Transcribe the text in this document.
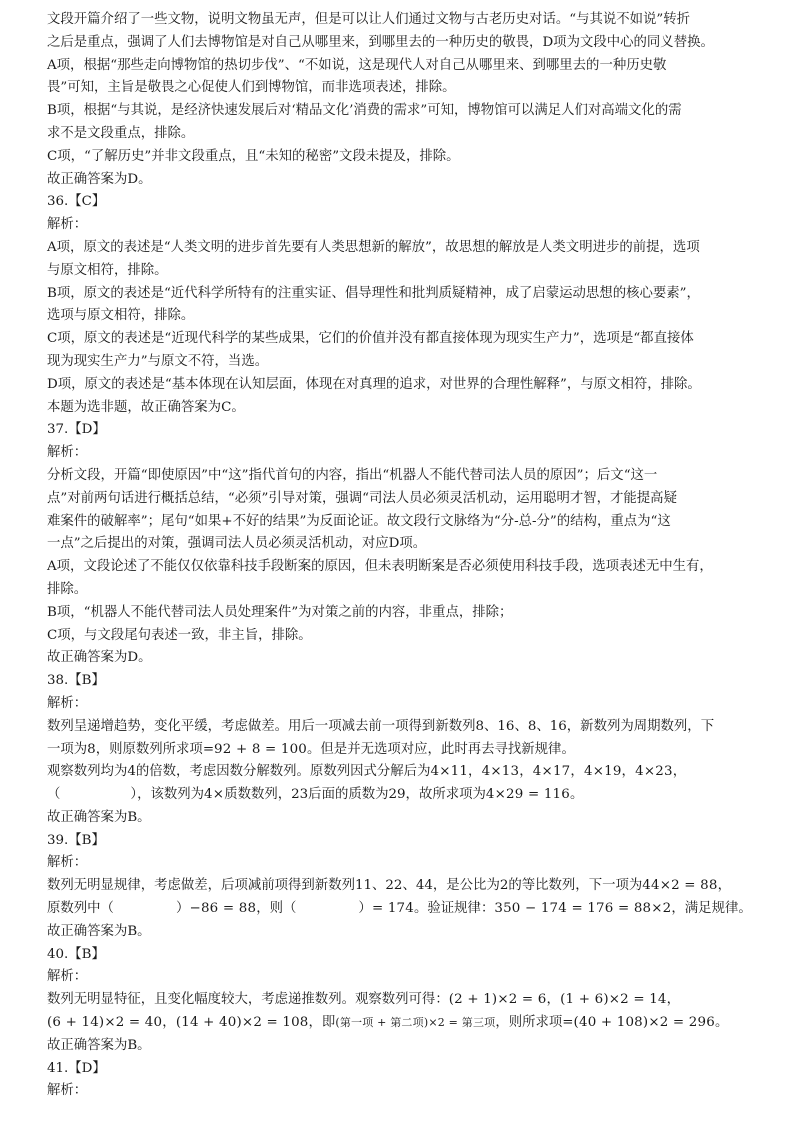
文段开篇介绍了一些文物，说明文物虽无声，但是可以让人们通过文物与古老历史对话。“与其说不如说”转折
之后是重点，强调了人们去博物馆是对自己从哪里来，到哪里去的一种历史的敬畏，D项为文段中心的同义替换。
A项，根据“那些走向博物馆的热切步伐”、“不如说，这是现代人对自己从哪里来、到哪里去的一种历史敬
畏”可知，主旨是敬畏之心促使人们到博物馆，而非选项表述，排除。
B项，根据“与其说，是经济快速发展后对‘精品文化’消费的需求”可知，博物馆可以满足人们对高端文化的需
求不是文段重点，排除。
C项，“了解历史”并非文段重点，且“未知的秘密”文段未提及，排除。
故正确答案为D。
36.【C】
解析：
A项，原文的表述是“人类文明的进步首先要有人类思想新的解放”，故思想的解放是人类文明进步的前提，选项
与原文相符，排除。
B项，原文的表述是“近代科学所特有的注重实证、倡导理性和批判质疑精神，成了启蒙运动思想的核心要素”，
选项与原文相符，排除。
C项，原文的表述是“近现代科学的某些成果，它们的价值并没有都直接体现为现实生产力”，选项是“都直接体
现为现实生产力”与原文不符，当选。
D项，原文的表述是“基本体现在认知层面，体现在对真理的追求，对世界的合理性解释”，与原文相符，排除。
本题为选非题，故正确答案为C。
37.【D】
解析：
分析文段，开篇“即使原因”中“这”指代首句的内容，指出“机器人不能代替司法人员的原因”；后文“这一
点”对前两句话进行概括总结，“必须”引导对策，强调“司法人员必须灵活机动，运用聪明才智，才能提高疑
难案件的破解率”；尾句“如果+不好的结果”为反面论证。故文段行文脉络为“分-总-分”的结构，重点为“这
一点”之后提出的对策，强调司法人员必须灵活机动，对应D项。
A项，文段论述了不能仅仅依靠科技手段断案的原因，但未表明断案是否必须使用科技手段，选项表述无中生有，
排除。
B项，“机器人不能代替司法人员处理案件”为对策之前的内容，非重点，排除；
C项，与文段尾句表述一致，非主旨，排除。
故正确答案为D。
38.【B】
解析：
数列呈递增趋势，变化平缓，考虑做差。用后一项减去前一项得到新数列8、16、8、16，新数列为周期数列，下
一项为8，则原数列所求项=92 + 8 = 100。但是并无选项对应，此时再去寻找新规律。
观察数列均为4的倍数，考虑因数分解数列。原数列因式分解后为4×11，4×13，4×17，4×19，4×23，
（	），该数列为4×质数数列，23后面的质数为29，故所求项为4×29 = 116。
故正确答案为B。
39.【B】
解析：
数列无明显规律，考虑做差，后项减前项得到新数列11、22、44，是公比为2的等比数列，下一项为44×2 = 88，
原数列中（	）−86 = 88，则（	）= 174。验证规律：350 − 174 = 176 = 88×2，满足规律。
故正确答案为B。
40.【B】
解析：
数列无明显特征，且变化幅度较大，考虑递推数列。观察数列可得：(2 + 1)×2 = 6，(1 + 6)×2 = 14，
(6 + 14)×2 = 40，(14 + 40)×2 = 108，即(第一项 + 第二项)×2 = 第三项，则所求项=(40 + 108)×2 = 296。
故正确答案为B。
41.【D】
解析：
